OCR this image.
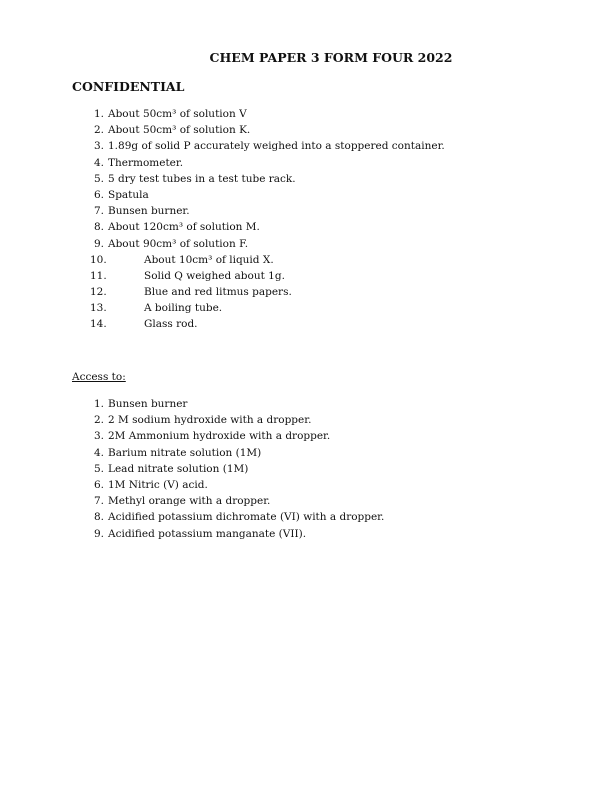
CHEM PAPER 3 FORM FOUR 2022
CONFIDENTIAL
1. About 50cm³ of solution V
2. About 50cm³ of solution K.
3. 1.89g of solid P accurately weighed into a stoppered container.
4. Thermometer.
5. 5 dry test tubes in a test tube rack.
6. Spatula
7. Bunsen burner.
8. About 120cm³ of solution M.
9. About 90cm³ of solution F.
10.	About 10cm³ of liquid X.
11.	Solid Q weighed about 1g.
12.	Blue and red litmus papers.
13.	A boiling tube.
14.	Glass rod.
Access to:
1. Bunsen burner
2. 2 M sodium hydroxide with a dropper.
3. 2M Ammonium hydroxide with a dropper.
4. Barium nitrate solution (1M)
5. Lead nitrate solution (1M)
6. 1M Nitric (V) acid.
7. Methyl orange with a dropper.
8. Acidified potassium dichromate (VI) with a dropper.
9. Acidified potassium manganate (VII).
